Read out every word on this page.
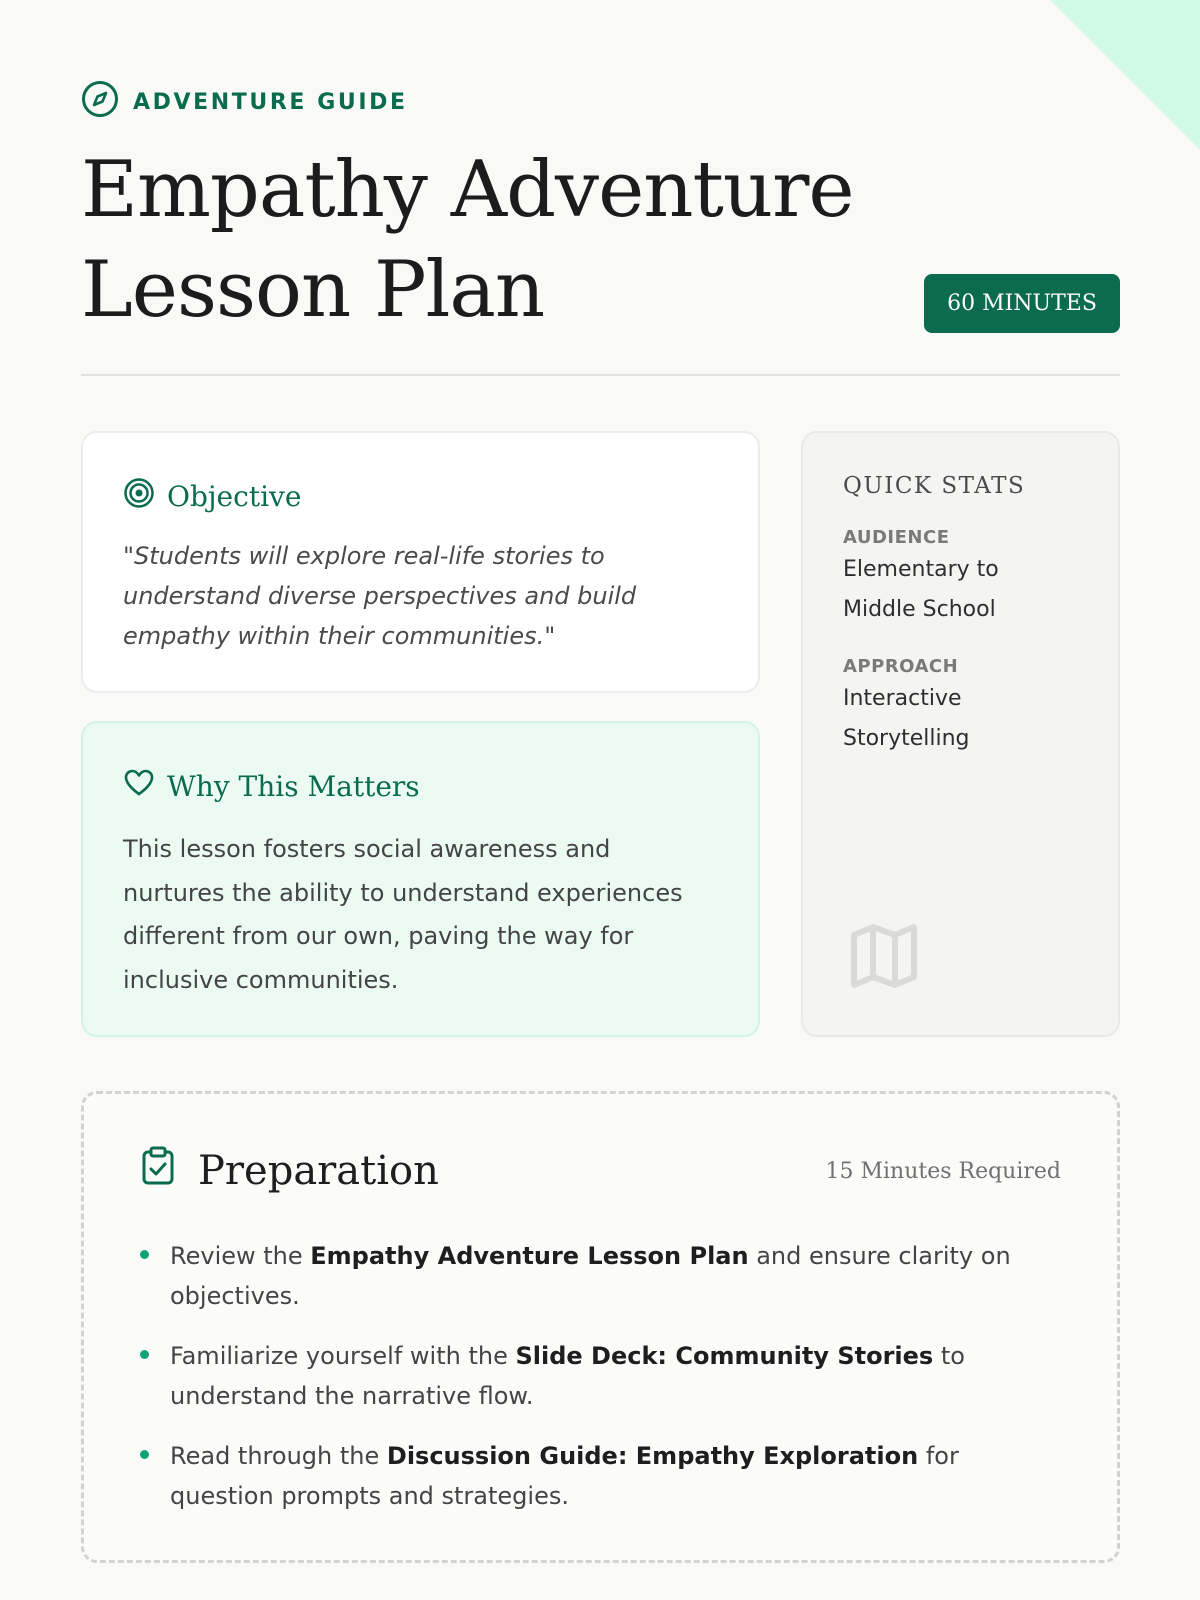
ADVENTURE GUIDE
Empathy Adventure Lesson Plan	60 MINUTES
Objective

"Students will explore real-life stories to understand diverse perspectives and build empathy within their communities."

Why This Matters

This lesson fosters social awareness and nurtures the ability to understand experiences different from our own, paving the way for inclusive communities.

QUICK STATS
AUDIENCE
Elementary to Middle School
APPROACH
Interactive Storytelling
Preparation	15 Minutes Required
Review the Empathy Adventure Lesson Plan and ensure clarity on objectives.
Familiarize yourself with the Slide Deck: Community Stories to understand the narrative flow.
Read through the Discussion Guide: Empathy Exploration for question prompts and strategies.
